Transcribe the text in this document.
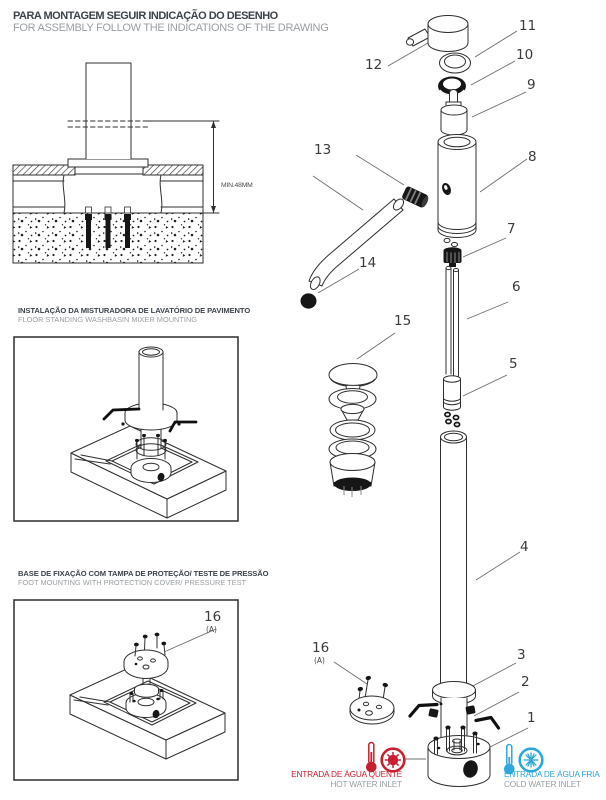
PARA MONTAGEM SEGUIR INDICAÇÃO DO DESENHO
FOR ASSEMBLY FOLLOW THE INDICATIONS OF THE DRAWING
INSTALAÇÃO DA MISTURADORA DE LAVATÓRIO DE PAVIMENTO
FLOOR STANDING WASHBASIN MIXER MOUNTING
BASE DE FIXAÇÃO COM TAMPA DE PROTEÇÃO/ TESTE DE PRESSÃO
FOOT MOUNTING WITH PROTECTION COVER/ PRESSURE TEST
1
2
3
4
5
6
7
8
9
10
11
12
13
14
15
16
(A)
16
(A)
MIN.48MM
ENTRADA DE ÁGUA QUENTE
HOT WATER INLET
ENTRADA DE ÁGUA FRIA
COLD WATER INLET
